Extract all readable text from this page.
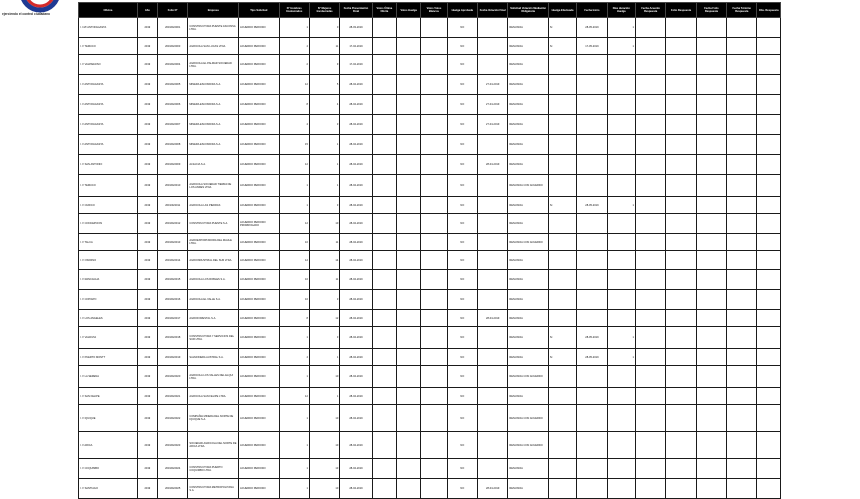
ejerciendo el control ciudadano
Oficina	Año	Folio N°	Empresa	Tipo Solicitud	N° Hombres Involucrados	N° Mujeres Involucradas	Fecha Presentación Final	Votos Última Oferta	Votos Huelga	Votos Votos Blancos	Huelga Aprobada	Fecha Votación Final	Solicitud Votación Mediación Obligatoria	Huelga Efectuada	Fecha Inicio	Días duración Huelga	Fecha Acuerdo Respuesta	Folio Respuesta	Fecha Folio Respuesta	Fecha Término Respuesta	Obs. Respuesta
I. I.Mª ANTOFAGASTA	2019	2019/022001	CONSTRUCTORA PUENTE ASCONSA LTDA.	ACUERDO PERIODO	1	0	28-03-2019				NO		RENUNCIA	Sí	28-05-2019	1					
I. Iª TEMUCO	2019	2019/022003	AGRICOLA SAN LUCAS LTDA.	ACUERDO PERIODO	4	11	17-04-2019				NO		RENUNCIA	Sí	17-05-2019	1					
I. Iª VALPARAISO	2019	2019/022004	AGRICOLA EL PALMAR SOCIEDAD LTDA.	ACUERDO PERIODO	2	9	17-04-2019				NO		RENUNCIA								
I. Iª ANTOFAGASTA	2019	2019/022005	MINERA ESCONDIDA S.A.	ACUERDO PERIODO	12	5	28-04-2019				NO	27-04-2019	RENUNCIA								
I. Iª ANTOFAGASTA	2019	2019/022006	MINERA ESCONDIDA S.A.	ACUERDO PERIODO	8	4	28-04-2019				NO	27-04-2019	RENUNCIA								
I. Iª ANTOFAGASTA	2019	2019/022007	MINERA ESCONDIDA S.A.	ACUERDO PERIODO	4	3	28-04-2019				NO	27-04-2019	RENUNCIA								
I. Iª ANTOFAGASTA	2019	2019/022008	MINERA ESCONDIDA S.A.	ACUERDO PERIODO	15	1	28-04-2019				NO		RENUNCIA								
I. Iª SAN ANTONIO	2019	2019/022009	ALSACIA S.A.	ACUERDO PERIODO	12	1	28-04-2019				NO	28-04-2019	RENUNCIA								
I. Iª TEMUCO	2019	2019/022010	AGRICOLA SOCIEDAD TIERRA DE LOS ANDES LTDA.	ACUERDO PERIODO	1	1	28-04-2019				NO		RENUNCIA CON ACUERDO								
I. Iª CURICO	2019	2019/022011	AGRICOLA LAS PIEDRAS	ACUERDO PERIODO	1	3	28-04-2019				NO		RENUNCIA	Sí	28-05-2019	1					
I. Iª CONCEPCION	2019	2019/022012	CONSTRUCTORA PUENTE S.A.	ACUERDO PERIODO PRORROGADO	12	10	28-04-2019				NO		RENUNCIA								
I. Iª TALCA	2019	2019/022013	AGROEXPORTADORA DEL MAULE LTDA.	ACUERDO PERIODO	10	11	28-04-2019				NO		RENUNCIA CON ACUERDO								
I. Iª OSORNO	2019	2019/022014	AGROINDUSTRIAL DEL SUR LTDA.	ACUERDO PERIODO	12	14	28-04-2019				NO		RENUNCIA								
I. Iª RANCAGUA	2019	2019/022015	AGRICOLA LOS ROBLES S.A.	ACUERDO PERIODO	10	11	28-04-2019				NO		RENUNCIA								
I. Iª COPIAPO	2019	2019/022016	AGRICOLA EL VALLE S.A.	ACUERDO PERIODO	10	3	28-04-2019				NO		RENUNCIA								
I. Iª LOS ANGELES	2019	2019/022017	AGROFORESTAL S.A.	ACUERDO PERIODO	8	12	28-04-2019				NO	28-04-2019	RENUNCIA								
I. Iª VALDIVIA	2019	2019/022018	CONSTRUCTORA Y SERVICIOS DEL SUR LTDA.	ACUERDO PERIODO	1	3	28-04-2019				NO		RENUNCIA	Sí	28-05-2019	1					
I. Iª PUERTO MONTT	2019	2019/022019	SALMONERA AUSTRAL S.A.	ACUERDO PERIODO	4	1	28-04-2019				NO		RENUNCIA	Sí	28-05-2019	1					
I. Iª LA SERENA	2019	2019/022020	AGRICOLA LOS VALLES DEL ELQUI LTDA.	ACUERDO PERIODO	1	10	28-04-2019				NO		RENUNCIA CON ACUERDO								
I. Iª SAN FELIPE	2019	2019/022021	AGRICOLA SAN FELIPE LTDA.	ACUERDO PERIODO	12	1	28-04-2019				NO		RENUNCIA								
I. Iª IQUIQUE	2019	2019/022022	COMPAÑIA MINERA DEL NORTE DE IQUIQUE S.A.	ACUERDO PERIODO	1	10	28-04-2019				NO		RENUNCIA CON ACUERDO								
I. Iª ARICA	2019	2019/022023	SOCIEDAD AGRICOLA DEL NORTE DE ARICA LTDA.	ACUERDO PERIODO	1	10	28-04-2019				NO		RENUNCIA CON ACUERDO								
I. Iª COQUIMBO	2019	2019/022024	CONSTRUCTORA PUERTO COQUIMBO LTDA.	ACUERDO PERIODO	1	13	28-04-2019				NO		RENUNCIA								
I. Iª SANTIAGO	2019	2019/022025	CONSTRUCTORA METROPOLITANA S.A.	ACUERDO PERIODO	1	10	28-04-2019				NO	28-04-2019	RENUNCIA								
